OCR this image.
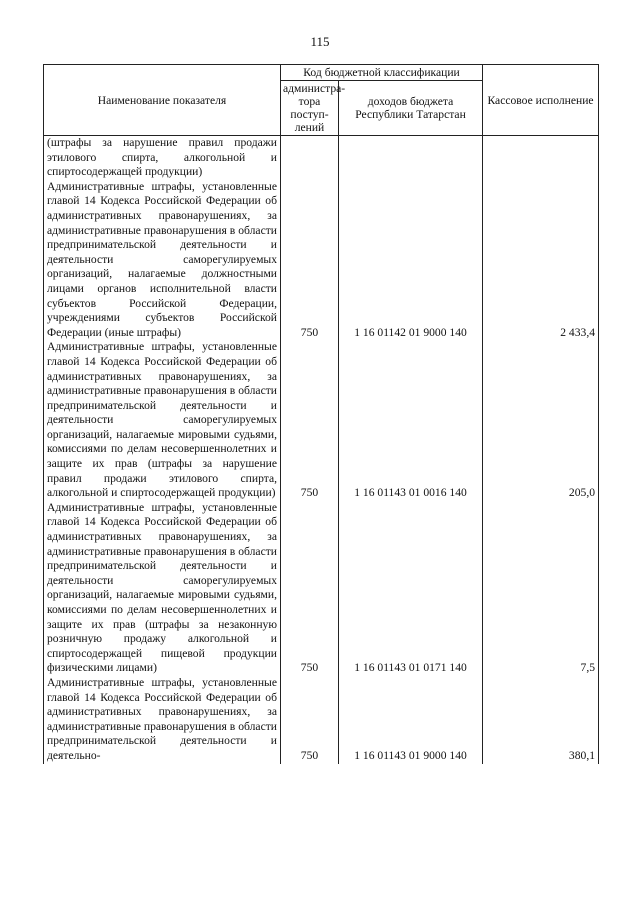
115
Наименование показателя	Код бюджетной классификации		Кассовое исполнение
	администра-тора поступ-лений	доходов бюджета Республики Татарстан	
(штрафы за нарушение правил продажи этилового спирта, алкогольной и спиртосодержащей продукции)			
Административные штрафы, установленные главой 14 Кодекса Российской Федерации об административных правонарушениях, за административные правонарушения в области предпринимательской деятельности и деятельности саморегулируемых организаций, налагаемые должностными лицами органов исполнительной власти субъектов Российской Федерации, учреждениями субъектов Российской Федерации (иные штрафы)	750	1 16 01142 01 9000 140	2 433,4
Административные штрафы, установленные главой 14 Кодекса Российской Федерации об административных правонарушениях, за административные правонарушения в области предпринимательской деятельности и деятельности саморегулируемых организаций, налагаемые мировыми судьями, комиссиями по делам несовершеннолетних и защите их прав (штрафы за нарушение правил продажи этилового спирта, алкогольной и спиртосодержащей продукции)	750	1 16 01143 01 0016 140	205,0
Административные штрафы, установленные главой 14 Кодекса Российской Федерации об административных правонарушениях, за административные правонарушения в области предпринимательской деятельности и деятельности саморегулируемых организаций, налагаемые мировыми судьями, комиссиями по делам несовершеннолетних и защите их прав (штрафы за незаконную розничную продажу алкогольной и спиртосодержащей пищевой продукции физическими лицами)	750	1 16 01143 01 0171 140	7,5
Административные штрафы, установленные главой 14 Кодекса Российской Федерации об административных правонарушениях, за административные правонарушения в области предпринимательской деятельности и деятельно-	750	1 16 01143 01 9000 140	380,1
